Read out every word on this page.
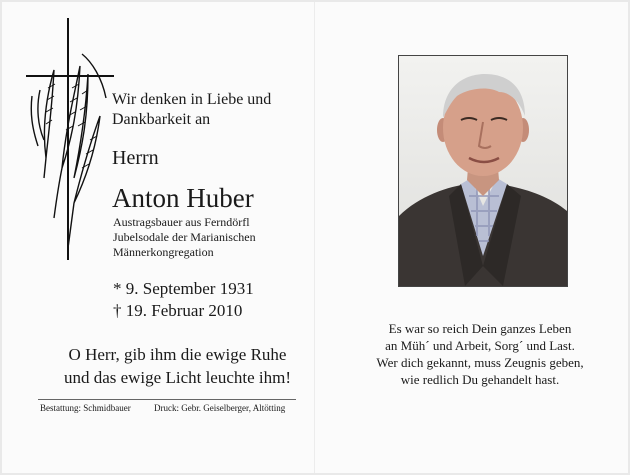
Wir denken in Liebe und
Dankbarkeit an
Herrn
Anton Huber
Austragsbauer aus Ferndörfl
Jubelsodale der Marianischen
Männerkongregation
* 9. September 1931
† 19. Februar 2010
O Herr, gib ihm die ewige Ruhe
und das ewige Licht leuchte ihm!
Bestattung: Schmidbauer	Druck: Gebr. Geiselberger, Altötting
Es war so reich Dein ganzes Leben
an Müh´ und Arbeit, Sorg´ und Last.
Wer dich gekannt, muss Zeugnis geben,
wie redlich Du gehandelt hast.
